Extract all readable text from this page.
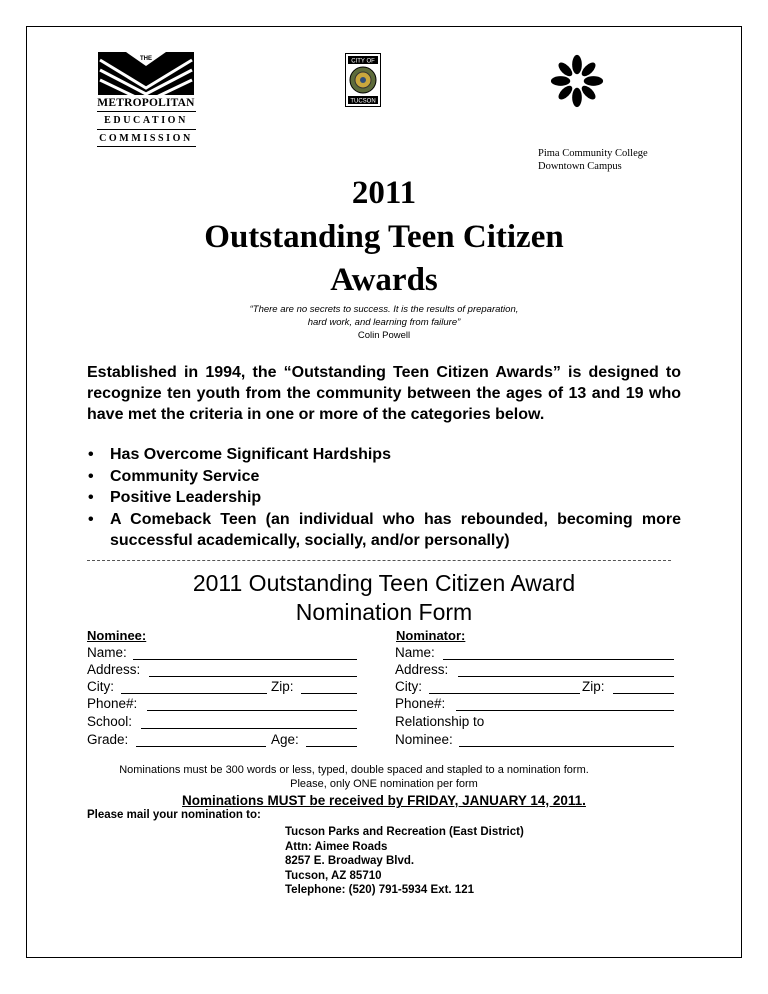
THE
METROPOLITAN
EDUCATION
COMMISSION
CITY OF
TUCSON
Pima Community College
Downtown Campus
2011
Outstanding Teen Citizen
Awards
“There are no secrets to success. It is the results of preparation,
hard work, and learning from failure”
Colin Powell
Established in 1994, the “Outstanding Teen Citizen Awards” is designed to recognize ten youth from the community between the ages of 13 and 19 who have met the criteria in one or more of the categories below.
• Has Overcome Significant Hardships
• Community Service
• Positive Leadership
• A Comeback Teen (an individual who has rebounded, becoming more successful academically, socially, and/or personally)
2011 Outstanding Teen Citizen Award
Nomination Form
Nominee:
Name:
Address:
City:	Zip:
Phone#:
School:
Grade:	Age:
Nominator:
Name:
Address:
City:	Zip:
Phone#:
Relationship to
Nominee:
Nominations must be 300 words or less, typed, double spaced and stapled to a nomination form.
Please, only ONE nomination per form
Nominations MUST be received by FRIDAY, JANUARY 14, 2011.
Please mail your nomination to:
Tucson Parks and Recreation (East District)
Attn: Aimee Roads
8257 E. Broadway Blvd.
Tucson, AZ 85710
Telephone: (520) 791-5934 Ext. 121
